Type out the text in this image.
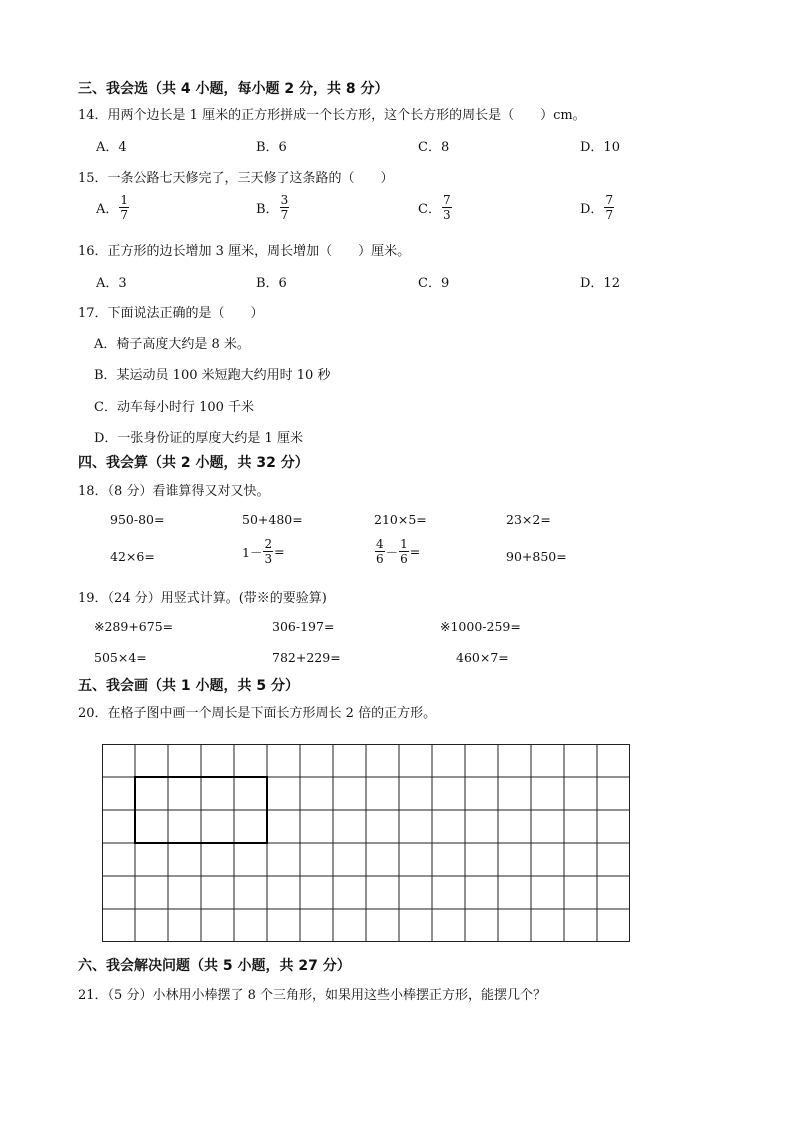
三、我会选（共 4 小题，每小题 2 分，共 8 分）
14．用两个边长是 1 厘米的正方形拼成一个长方形，这个长方形的周长是（　　）cm。
A．4	B．6	C．8	D．10
15．一条公路七天修完了，三天修了这条路的（　　）
A． $\frac{1}{7}$	B． $\frac{3}{7}$	C． $\frac{7}{3}$	D． $\frac{7}{7}$
16．正方形的边长增加 3 厘米，周长增加（　　）厘米。
A．3	B．6	C．9	D．12
17．下面说法正确的是（　　）
A．椅子高度大约是 8 米。
B．某运动员 100 米短跑大约用时 10 秒
C．动车每小时行 100 千米
D．一张身份证的厚度大约是 1 厘米
四、我会算（共 2 小题，共 32 分）
18．（8 分）看谁算得又对又快。
950-80=	50+480=	210×5=	23×2=
42×6=	$1- \frac{2}{3}$ =	$\frac{4}{6} - \frac{1}{6}$ =	90+850=
19．（24 分）用竖式计算。(带※的要验算)
※289+675=	306-197=	※1000-259=
505×4=	782+229=	460×7=
五、我会画（共 1 小题，共 5 分）
20．在格子图中画一个周长是下面长方形周长 2 倍的正方形。
六、我会解决问题（共 5 小题，共 27 分）
21．（5 分）小林用小棒摆了 8 个三角形，如果用这些小棒摆正方形，能摆几个？
